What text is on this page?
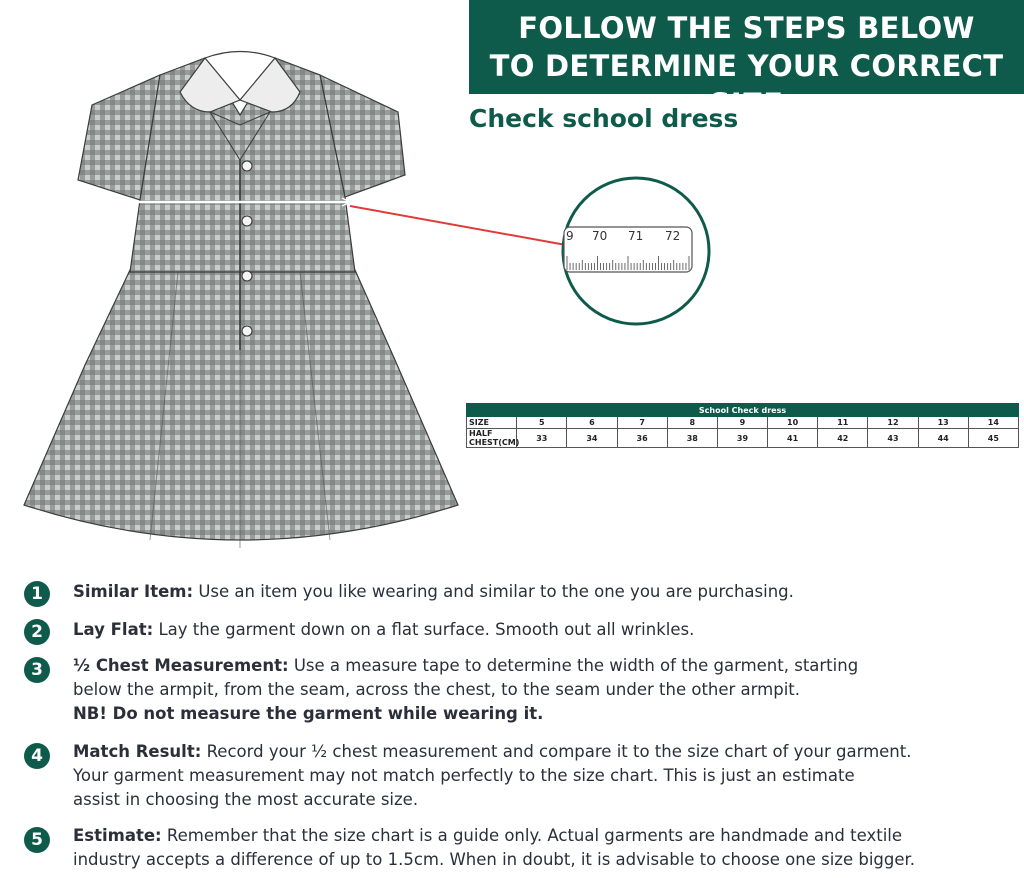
9 70 71 72
FOLLOW THE STEPS BELOW
TO DETERMINE YOUR CORRECT SIZE
Check school dress
School Check dress										
SIZE	5	6	7	8	9	10	11	12	13	14
HALF CHEST(CM)	33	34	36	38	39	41	42	43	44	45
1	Similar Item: Use an item you like wearing and similar to the one you are purchasing.
2	Lay Flat: Lay the garment down on a flat surface. Smooth out all wrinkles.
3	½ Chest Measurement: Use a measure tape to determine the width of the garment, starting
below the armpit, from the seam, across the chest, to the seam under the other armpit.
NB! Do not measure the garment while wearing it.
4	Match Result: Record your ½ chest measurement and compare it to the size chart of your garment.
Your garment measurement may not match perfectly to the size chart. This is just an estimate
assist in choosing the most accurate size.
5	Estimate: Remember that the size chart is a guide only. Actual garments are handmade and textile
industry accepts a difference of up to 1.5cm. When in doubt, it is advisable to choose one size bigger.
